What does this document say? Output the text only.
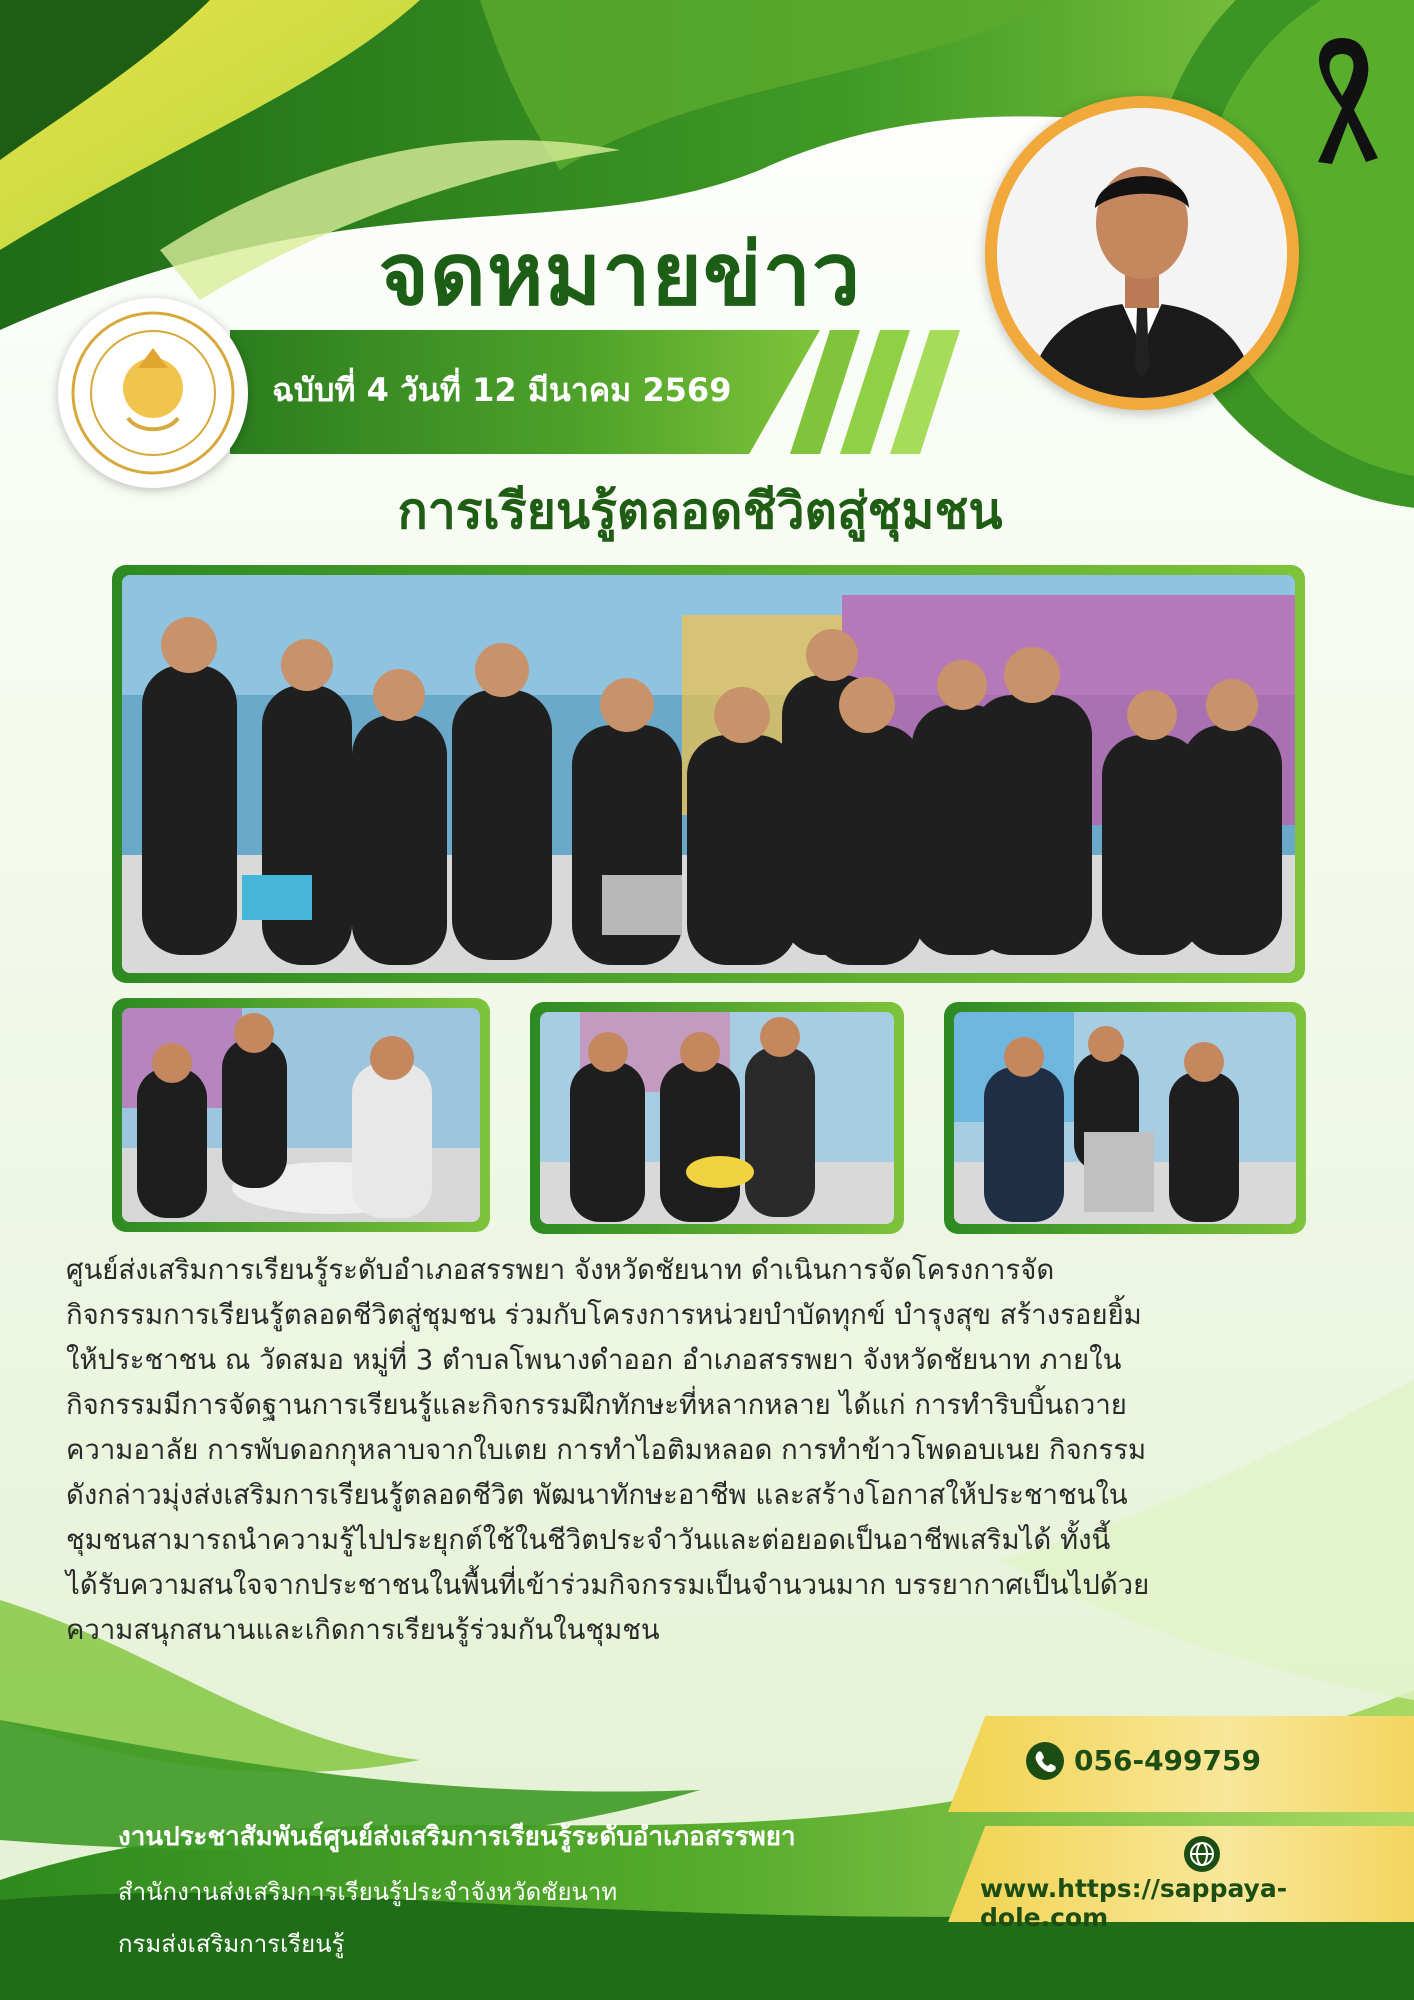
จดหมายข่าว
ฉบับที่ 4 วันที่ 12 มีนาคม 2569
การเรียนรู้ตลอดชีวิตสู่ชุมชน
ศูนย์ส่งเสริมการเรียนรู้ระดับอำเภอสรรพยา จังหวัดชัยนาท ดำเนินการจัดโครงการจัด
กิจกรรมการเรียนรู้ตลอดชีวิตสู่ชุมชน ร่วมกับโครงการหน่วยบำบัดทุกข์ บำรุงสุข สร้างรอยยิ้ม
ให้ประชาชน ณ วัดสมอ หมู่ที่ 3 ตำบลโพนางดำออก อำเภอสรรพยา จังหวัดชัยนาท ภายใน
กิจกรรมมีการจัดฐานการเรียนรู้และกิจกรรมฝึกทักษะที่หลากหลาย ได้แก่ การทำริบบิ้นถวาย
ความอาลัย การพับดอกกุหลาบจากใบเตย การทำไอติมหลอด การทำข้าวโพดอบเนย กิจกรรม
ดังกล่าวมุ่งส่งเสริมการเรียนรู้ตลอดชีวิต พัฒนาทักษะอาชีพ และสร้างโอกาสให้ประชาชนใน
ชุมชนสามารถนำความรู้ไปประยุกต์ใช้ในชีวิตประจำวันและต่อยอดเป็นอาชีพเสริมได้ ทั้งนี้
ได้รับความสนใจจากประชาชนในพื้นที่เข้าร่วมกิจกรรมเป็นจำนวนมาก บรรยากาศเป็นไปด้วย
ความสนุกสนานและเกิดการเรียนรู้ร่วมกันในชุมชน
056-499759
www.https://sappaya-dole.com
งานประชาสัมพันธ์ศูนย์ส่งเสริมการเรียนรู้ระดับอำเภอสรรพยา
สำนักงานส่งเสริมการเรียนรู้ประจำจังหวัดชัยนาท
กรมส่งเสริมการเรียนรู้
